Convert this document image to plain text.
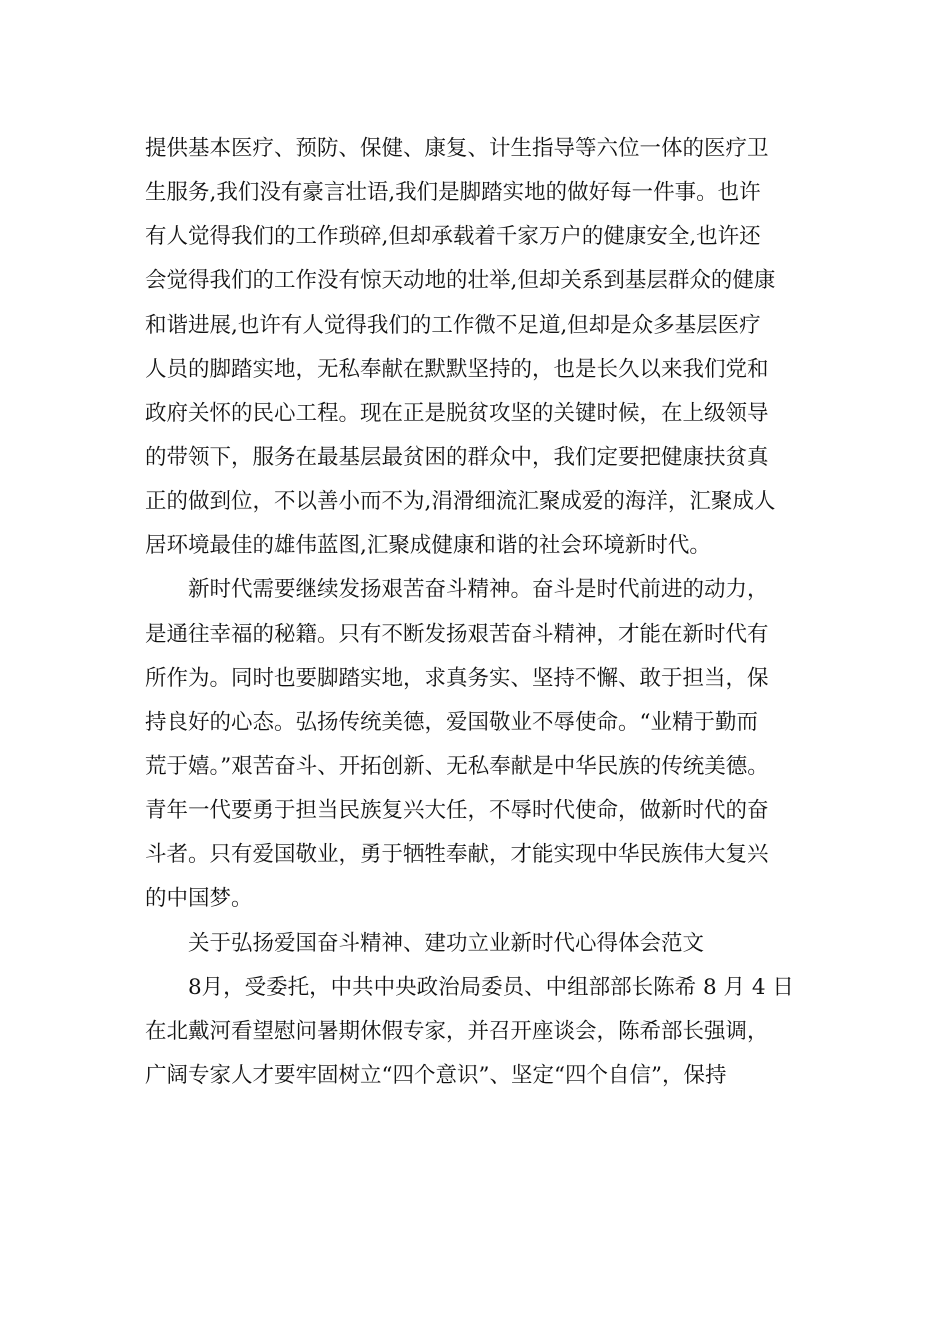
提供基本医疗、预防、保健、康复、计生指导等六位一体的医疗卫
生服务,我们没有豪言壮语,我们是脚踏实地的做好每一件事。也许
有人觉得我们的工作琐碎,但却承载着千家万户的健康安全,也许还
会觉得我们的工作没有惊天动地的壮举,但却关系到基层群众的健康
和谐进展,也许有人觉得我们的工作微不足道,但却是众多基层医疗
人员的脚踏实地，无私奉献在默默坚持的，也是长久以来我们党和
政府关怀的民心工程。现在正是脱贫攻坚的关键时候，在上级领导
的带领下，服务在最基层最贫困的群众中，我们定要把健康扶贫真
正的做到位，不以善小而不为,涓滑细流汇聚成爱的海洋，汇聚成人
居环境最佳的雄伟蓝图,汇聚成健康和谐的社会环境新时代。
新时代需要继续发扬艰苦奋斗精神。奋斗是时代前进的动力，
是通往幸福的秘籍。只有不断发扬艰苦奋斗精神，才能在新时代有
所作为。同时也要脚踏实地，求真务实、坚持不懈、敢于担当，保
持良好的心态。弘扬传统美德，爱国敬业不辱使命。“业精于勤而
荒于嬉。”艰苦奋斗、开拓创新、无私奉献是中华民族的传统美德。
青年一代要勇于担当民族复兴大任，不辱时代使命，做新时代的奋
斗者。只有爱国敬业，勇于牺牲奉献，才能实现中华民族伟大复兴
的中国梦。
关于弘扬爱国奋斗精神、建功立业新时代心得体会范文
8月，受委托，中共中央政治局委员、中组部部长陈希 8 月 4 日
在北戴河看望慰问暑期休假专家，并召开座谈会，陈希部长强调，
广阔专家人才要牢固树立“四个意识”、坚定“四个自信”，保持
